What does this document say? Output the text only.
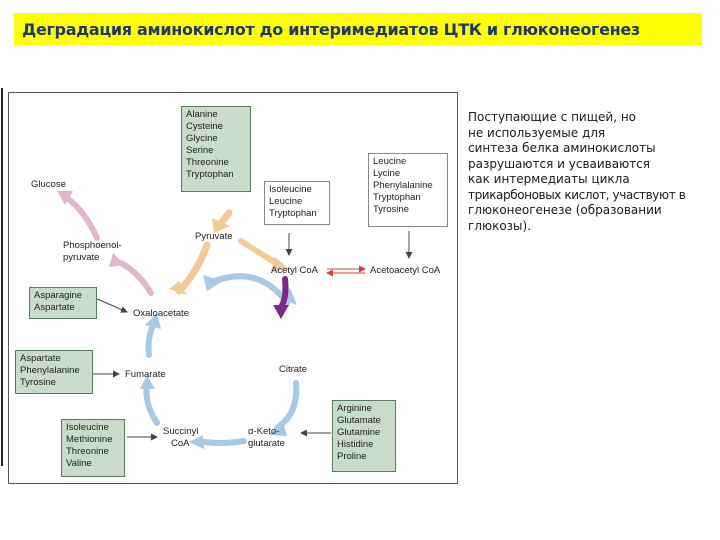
Деградация аминокислот до интеримедиатов ЦТК и глюконеогенез
Alanine
Cysteine
Glycine
Serine
Threonine
Tryptophan
Isoleucine
Leucine
Tryptophan
Leucine
Lycine
Phenylalanine
Tryptophan
Tyrosine
Asparagine
Aspartate
Aspartate
Phenylalanine
Tyrosine
Isoleucine
Methionine
Threonine
Valine
Arginine
Glutamate
Glutamine
Histidine
Proline
Glucose
Phosphoenol-
pyruvate
Pyruvate
Acetyl CoA	Acetoacetyl CoA
Oxaloacetate
Citrate
Fumarate
Succinyl
CoA
α-Keto-
glutarate
Поступающие с пищей, но
не используемые для
синтеза белка аминокислоты
разрушаются и усваиваются
как интермедиаты цикла
трикарбоновых кислот, участвуют в
глюконеогенезе (образовании
глюкозы).
